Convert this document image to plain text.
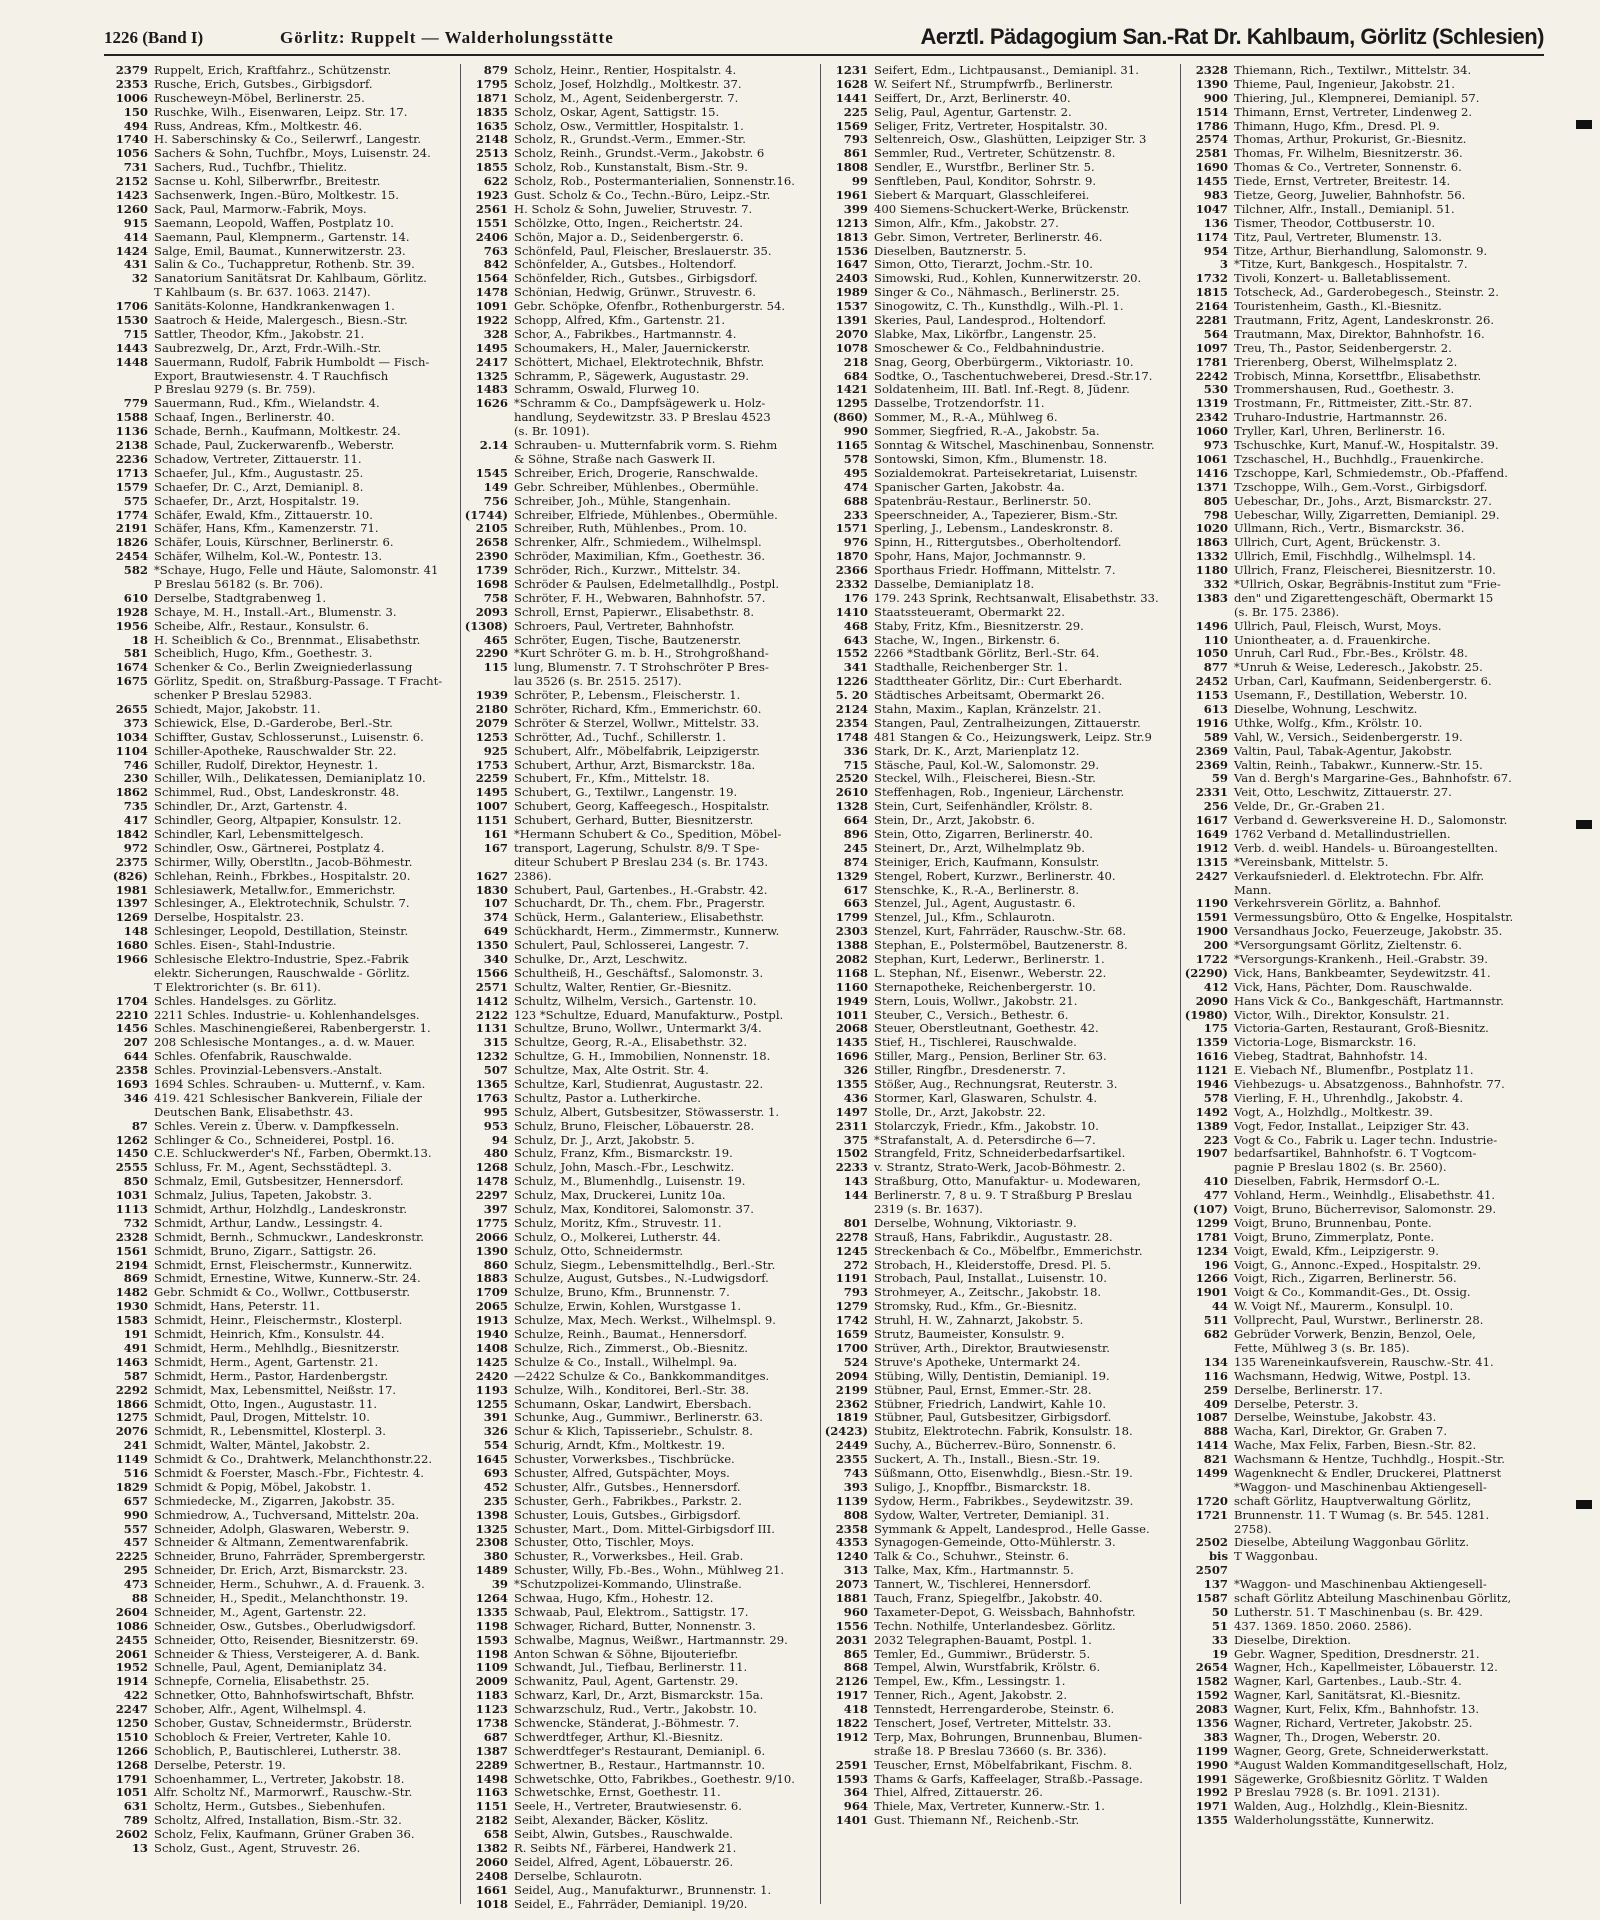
1226 (Band I)	Görlitz: Ruppelt — Walderholungsstätte	Aerztl. Pädagogium San.-Rat Dr. Kahlbaum, Görlitz (Schlesien)
2379 Ruppelt, Erich, Kraftfahrz., Schützenstr.
2353 Rusche, Erich, Gutsbes., Girbigsdorf.
1006 Ruscheweyn-Möbel, Berlinerstr. 25.
150 Ruschke, Wilh., Eisenwaren, Leipz. Str. 17.
494 Russ, Andreas, Kfm., Moltkestr. 46.
1740 H. Saberschinsky & Co., Seilerwrf., Langestr.
1056 Sachers & Sohn, Tuchfbr., Moys, Luisenstr. 24.
731 Sachers, Rud., Tuchfbr., Thielitz.
2152 Sacnse u. Kohl, Silberwrfbr., Breitestr.
1423 Sachsenwerk, Ingen.-Büro, Moltkestr. 15.
1260 Sack, Paul, Marmorw.-Fabrik, Moys.
915 Saemann, Leopold, Waffen, Postplatz 10.
414 Saemann, Paul, Klempnerm., Gartenstr. 14.
1424 Salge, Emil, Baumat., Kunnerwitzerstr. 23.
431 Salin & Co., Tuchappretur, Rothenb. Str. 39.
32 Sanatorium Sanitätsrat Dr. Kahlbaum, Görlitz.
T Kahlbaum (s. Br. 637. 1063. 2147).
1706 Sanitäts-Kolonne, Handkrankenwagen 1.
1530 Saatroch & Heide, Malergesch., Biesn.-Str.
715 Sattler, Theodor, Kfm., Jakobstr. 21.
1443 Saubrezwelg, Dr., Arzt, Frdr.-Wilh.-Str.
1448 Sauermann, Rudolf, Fabrik Humboldt — Fisch-
Export, Brautwiesenstr. 4. T Rauchfisch
P Breslau 9279 (s. Br. 759).
779 Sauermann, Rud., Kfm., Wielandstr. 4.
1588 Schaaf, Ingen., Berlinerstr. 40.
1136 Schade, Bernh., Kaufmann, Moltkestr. 24.
2138 Schade, Paul, Zuckerwarenfb., Weberstr.
2236 Schadow, Vertreter, Zittauerstr. 11.
1713 Schaefer, Jul., Kfm., Augustastr. 25.
1579 Schaefer, Dr. C., Arzt, Demianipl. 8.
575 Schaefer, Dr., Arzt, Hospitalstr. 19.
1774 Schäfer, Ewald, Kfm., Zittauerstr. 10.
2191 Schäfer, Hans, Kfm., Kamenzerstr. 71.
1826 Schäfer, Louis, Kürschner, Berlinerstr. 6.
2454 Schäfer, Wilhelm, Kol.-W., Pontestr. 13.
582 *Schaye, Hugo, Felle und Häute, Salomonstr. 41
P Breslau 56182 (s. Br. 706).
610 Derselbe, Stadtgrabenweg 1.
1928 Schaye, M. H., Install.-Art., Blumenstr. 3.
1956 Scheibe, Alfr., Restaur., Konsulstr. 6.
18 H. Scheiblich & Co., Brennmat., Elisabethstr.
581 Scheiblich, Hugo, Kfm., Goethestr. 3.
1674 Schenker & Co., Berlin Zweigniederlassung
1675 Görlitz, Spedit. on, Straßburg-Passage. T Fracht-
schenker P Breslau 52983.
2655 Schiedt, Major, Jakobstr. 11.
373 Schiewick, Else, D.-Garderobe, Berl.-Str.
1034 Schiffter, Gustav, Schlosserunst., Luisenstr. 6.
1104 Schiller-Apotheke, Rauschwalder Str. 22.
746 Schiller, Rudolf, Direktor, Heynestr. 1.
230 Schiller, Wilh., Delikatessen, Demianiplatz 10.
1862 Schimmel, Rud., Obst, Landeskronstr. 48.
735 Schindler, Dr., Arzt, Gartenstr. 4.
417 Schindler, Georg, Altpapier, Konsulstr. 12.
1842 Schindler, Karl, Lebensmittelgesch.
972 Schindler, Osw., Gärtnerei, Postplatz 4.
2375 Schirmer, Willy, Oberstltn., Jacob-Böhmestr.
(826) Schlehan, Reinh., Fbrkbes., Hospitalstr. 20.
1981 Schlesiawerk, Metallw.for., Emmerichstr.
1397 Schlesinger, A., Elektrotechnik, Schulstr. 7.
1269 Derselbe, Hospitalstr. 23.
148 Schlesinger, Leopold, Destillation, Steinstr.
1680 Schles. Eisen-, Stahl-Industrie.
1966 Schlesische Elektro-Industrie, Spez.-Fabrik
elektr. Sicherungen, Rauschwalde - Görlitz.
T Elektrorichter (s. Br. 611).
1704 Schles. Handelsges. zu Görlitz.
2210 2211 Schles. Industrie- u. Kohlenhandelsges.
1456 Schles. Maschinengießerei, Rabenbergerstr. 1.
207 208 Schlesische Montanges., a. d. w. Mauer.
644 Schles. Ofenfabrik, Rauschwalde.
2358 Schles. Provinzial-Lebensvers.-Anstalt.
1693 1694 Schles. Schrauben- u. Mutternf., v. Kam.
346 419. 421 Schlesischer Bankverein, Filiale der
Deutschen Bank, Elisabethstr. 43.
87 Schles. Verein z. Überw. v. Dampfkesseln.
1262 Schlinger & Co., Schneiderei, Postpl. 16.
1450 C.E. Schluckwerder's Nf., Farben, Obermkt.13.
2555 Schluss, Fr. M., Agent, Sechsstädtepl. 3.
850 Schmalz, Emil, Gutsbesitzer, Hennersdorf.
1031 Schmalz, Julius, Tapeten, Jakobstr. 3.
1113 Schmidt, Arthur, Holzhdlg., Landeskronstr.
732 Schmidt, Arthur, Landw., Lessingstr. 4.
2328 Schmidt, Bernh., Schmuckwr., Landeskronstr.
1561 Schmidt, Bruno, Zigarr., Sattigstr. 26.
2194 Schmidt, Ernst, Fleischermstr., Kunnerwitz.
869 Schmidt, Ernestine, Witwe, Kunnerw.-Str. 24.
1482 Gebr. Schmidt & Co., Wollwr., Cottbuserstr.
1930 Schmidt, Hans, Peterstr. 11.
1583 Schmidt, Heinr., Fleischermstr., Klosterpl.
191 Schmidt, Heinrich, Kfm., Konsulstr. 44.
491 Schmidt, Herm., Mehlhdlg., Biesnitzerstr.
1463 Schmidt, Herm., Agent, Gartenstr. 21.
587 Schmidt, Herm., Pastor, Hardenbergstr.
2292 Schmidt, Max, Lebensmittel, Neißstr. 17.
1866 Schmidt, Otto, Ingen., Augustastr. 11.
1275 Schmidt, Paul, Drogen, Mittelstr. 10.
2076 Schmidt, R., Lebensmittel, Klosterpl. 3.
241 Schmidt, Walter, Mäntel, Jakobstr. 2.
1149 Schmidt & Co., Drahtwerk, Melanchthonstr.22.
516 Schmidt & Foerster, Masch.-Fbr., Fichtestr. 4.
1829 Schmidt & Popig, Möbel, Jakobstr. 1.
657 Schmiedecke, M., Zigarren, Jakobstr. 35.
990 Schmiedrow, A., Tuchversand, Mittelstr. 20a.
557 Schneider, Adolph, Glaswaren, Weberstr. 9.
457 Schneider & Altmann, Zementwarenfabrik.
2225 Schneider, Bruno, Fahrräder, Sprembergerstr.
295 Schneider, Dr. Erich, Arzt, Bismarckstr. 23.
473 Schneider, Herm., Schuhwr., A. d. Frauenk. 3.
88 Schneider, H., Spedit., Melanchthonstr. 19.
2604 Schneider, M., Agent, Gartenstr. 22.
1086 Schneider, Osw., Gutsbes., Oberludwigsdorf.
2455 Schneider, Otto, Reisender, Biesnitzerstr. 69.
2061 Schneider & Thiess, Versteigerer, A. d. Bank.
1952 Schnelle, Paul, Agent, Demianiplatz 34.
1914 Schnepfe, Cornelia, Elisabethstr. 25.
422 Schnetker, Otto, Bahnhofswirtschaft, Bhfstr.
2247 Schober, Alfr., Agent, Wilhelmspl. 4.
1250 Schober, Gustav, Schneidermstr., Brüderstr.
1510 Schobloch & Freier, Vertreter, Kahle 10.
1266 Schoblich, P., Bautischlerei, Lutherstr. 38.
1268 Derselbe, Peterstr. 19.
1791 Schoenhammer, L., Vertreter, Jakobstr. 18.
1051 Alfr. Scholtz Nf., Marmorwrf., Rauschw.-Str.
631 Scholtz, Herm., Gutsbes., Siebenhufen.
789 Scholtz, Alfred, Installation, Bism.-Str. 32.
2602 Scholz, Felix, Kaufmann, Grüner Graben 36.
13 Scholz, Gust., Agent, Struvestr. 26.
879 Scholz, Heinr., Rentier, Hospitalstr. 4.
1795 Scholz, Josef, Holzhdlg., Moltkestr. 37.
1871 Scholz, M., Agent, Seidenbergerstr. 7.
1835 Scholz, Oskar, Agent, Sattigstr. 15.
1635 Scholz, Osw., Vermittler, Hospitalstr. 1.
2148 Scholz, R., Grundst.-Verm., Emmer.-Str.
2513 Scholz, Reinh., Grundst.-Verm., Jakobstr. 6
1855 Scholz, Rob., Kunstanstalt, Bism.-Str. 9.
622 Scholz, Rob., Postermanterialien, Sonnenstr.16.
1923 Gust. Scholz & Co., Techn.-Büro, Leipz.-Str.
2561 H. Scholz & Sohn, Juwelier, Struvestr. 7.
1551 Schölzke, Otto, Ingen., Reichertstr. 24.
2406 Schön, Major a. D., Seidenbergerstr. 6.
763 Schönfeld, Paul, Fleischer, Breslauerstr. 35.
842 Schönfelder, A., Gutsbes., Holtendorf.
1564 Schönfelder, Rich., Gutsbes., Girbigsdorf.
1478 Schönian, Hedwig, Grünwr., Struvestr. 6.
1091 Gebr. Schöpke, Ofenfbr., Rothenburgerstr. 54.
1922 Schopp, Alfred, Kfm., Gartenstr. 21.
328 Schor, A., Fabrikbes., Hartmannstr. 4.
1495 Schoumakers, H., Maler, Jauernickerstr.
2417 Schöttert, Michael, Elektrotechnik, Bhfstr.
1325 Schramm, P., Sägewerk, Augustastr. 29.
1483 Schramm, Oswald, Flurweg 10.
1626 *Schramm & Co., Dampfsägewerk u. Holz-
handlung, Seydewitzstr. 33. P Breslau 4523
(s. Br. 1091).
2.14 Schrauben- u. Mutternfabrik vorm. S. Riehm
& Söhne, Straße nach Gaswerk II.
1545 Schreiber, Erich, Drogerie, Ranschwalde.
149 Gebr. Schreiber, Mühlenbes., Obermühle.
756 Schreiber, Joh., Mühle, Stangenhain.
(1744) Schreiber, Elfriede, Mühlenbes., Obermühle.
2105 Schreiber, Ruth, Mühlenbes., Prom. 10.
2658 Schrenker, Alfr., Schmiedem., Wilhelmspl.
2390 Schröder, Maximilian, Kfm., Goethestr. 36.
1739 Schröder, Rich., Kurzwr., Mittelstr. 34.
1698 Schröder & Paulsen, Edelmetallhdlg., Postpl.
758 Schröter, F. H., Webwaren, Bahnhofstr. 57.
2093 Schroll, Ernst, Papierwr., Elisabethstr. 8.
(1308) Schroers, Paul, Vertreter, Bahnhofstr.
465 Schröter, Eugen, Tische, Bautzenerstr.
2290 *Kurt Schröter G. m. b. H., Strohgroßhand-
115 lung, Blumenstr. 7. T Strohschröter P Bres-
lau 3526 (s. Br. 2515. 2517).
1939 Schröter, P., Lebensm., Fleischerstr. 1.
2180 Schröter, Richard, Kfm., Emmerichstr. 60.
2079 Schröter & Sterzel, Wollwr., Mittelstr. 33.
1253 Schrötter, Ad., Tuchf., Schillerstr. 1.
925 Schubert, Alfr., Möbelfabrik, Leipzigerstr.
1753 Schubert, Arthur, Arzt, Bismarckstr. 18a.
2259 Schubert, Fr., Kfm., Mittelstr. 18.
1495 Schubert, G., Textilwr., Langenstr. 19.
1007 Schubert, Georg, Kaffeegesch., Hospitalstr.
1151 Schubert, Gerhard, Butter, Biesnitzerstr.
161 *Hermann Schubert & Co., Spedition, Möbel-
167 transport, Lagerung, Schulstr. 8/9. T Spe-
diteur Schubert P Breslau 234 (s. Br. 1743.
1627 2386).
1830 Schubert, Paul, Gartenbes., H.-Grabstr. 42.
107 Schuchardt, Dr. Th., chem. Fbr., Pragerstr.
374 Schück, Herm., Galanteriew., Elisabethstr.
649 Schückhardt, Herm., Zimmermstr., Kunnerw.
1350 Schulert, Paul, Schlosserei, Langestr. 7.
340 Schulke, Dr., Arzt, Leschwitz.
1566 Schultheiß, H., Geschäftsf., Salomonstr. 3.
2571 Schultz, Walter, Rentier, Gr.-Biesnitz.
1412 Schultz, Wilhelm, Versich., Gartenstr. 10.
2122 123 *Schultze, Eduard, Manufakturw., Postpl.
1131 Schultze, Bruno, Wollwr., Untermarkt 3/4.
315 Schultze, Georg, R.-A., Elisabethstr. 32.
1232 Schultze, G. H., Immobilien, Nonnenstr. 18.
507 Schultze, Max, Alte Ostrit. Str. 4.
1365 Schultze, Karl, Studienrat, Augustastr. 22.
1763 Schultz, Pastor a. Lutherkirche.
995 Schulz, Albert, Gutsbesitzer, Stöwasserstr. 1.
953 Schulz, Bruno, Fleischer, Löbauerstr. 28.
94 Schulz, Dr. J., Arzt, Jakobstr. 5.
480 Schulz, Franz, Kfm., Bismarckstr. 19.
1268 Schulz, John, Masch.-Fbr., Leschwitz.
1478 Schulz, M., Blumenhdlg., Luisenstr. 19.
2297 Schulz, Max, Druckerei, Lunitz 10a.
397 Schulz, Max, Konditorei, Salomonstr. 37.
1775 Schulz, Moritz, Kfm., Struvestr. 11.
2066 Schulz, O., Molkerei, Lutherstr. 44.
1390 Schulz, Otto, Schneidermstr.
860 Schulz, Siegm., Lebensmittelhdlg., Berl.-Str.
1883 Schulze, August, Gutsbes., N.-Ludwigsdorf.
1709 Schulze, Bruno, Kfm., Brunnenstr. 7.
2065 Schulze, Erwin, Kohlen, Wurstgasse 1.
1913 Schulze, Max, Mech. Werkst., Wilhelmspl. 9.
1940 Schulze, Reinh., Baumat., Hennersdorf.
1408 Schulze, Rich., Zimmerst., Ob.-Biesnitz.
1425 Schulze & Co., Install., Wilhelmpl. 9a.
2420 —2422 Schulze & Co., Bankkommanditges.
1193 Schulze, Wilh., Konditorei, Berl.-Str. 38.
1255 Schumann, Oskar, Landwirt, Ebersbach.
391 Schunke, Aug., Gummiwr., Berlinerstr. 63.
326 Schur & Klich, Tapisseriebr., Schulstr. 8.
554 Schurig, Arndt, Kfm., Moltkestr. 19.
1645 Schuster, Vorwerksbes., Tischbrücke.
693 Schuster, Alfred, Gutspächter, Moys.
452 Schuster, Alfr., Gutsbes., Hennersdorf.
235 Schuster, Gerh., Fabrikbes., Parkstr. 2.
1398 Schuster, Louis, Gutsbes., Girbigsdorf.
1325 Schuster, Mart., Dom. Mittel-Girbigsdorf III.
2308 Schuster, Otto, Tischler, Moys.
380 Schuster, R., Vorwerksbes., Heil. Grab.
1489 Schuster, Willy, Fb.-Bes., Wohn., Mühlweg 21.
39 *Schutzpolizei-Kommando, Ulinstraße.
1264 Schwaa, Hugo, Kfm., Hohestr. 12.
1335 Schwaab, Paul, Elektrom., Sattigstr. 17.
1198 Schwager, Richard, Butter, Nonnenstr. 3.
1593 Schwalbe, Magnus, Weißwr., Hartmannstr. 29.
1198 Anton Schwan & Söhne, Bijouteriefbr.
1109 Schwandt, Jul., Tiefbau, Berlinerstr. 11.
2009 Schwanitz, Paul, Agent, Gartenstr. 29.
1183 Schwarz, Karl, Dr., Arzt, Bismarckstr. 15a.
1123 Schwarzschulz, Rud., Vertr., Jakobstr. 10.
1738 Schwencke, Ständerat, J.-Böhmestr. 7.
687 Schwerdtfeger, Arthur, Kl.-Biesnitz.
1387 Schwerdtfeger's Restaurant, Demianipl. 6.
2289 Schwertner, B., Restaur., Hartmannstr. 10.
1498 Schwetschke, Otto, Fabrikbes., Goethestr. 9/10.
1163 Schwetschke, Ernst, Goethestr. 11.
1151 Seele, H., Vertreter, Brautwiesenstr. 6.
2182 Seibt, Alexander, Bäcker, Köslitz.
658 Seibt, Alwin, Gutsbes., Rauschwalde.
1382 R. Seibts Nf., Färberei, Handwerk 21.
2060 Seidel, Alfred, Agent, Löbauerstr. 26.
2408 Derselbe, Schlaurotn.
1661 Seidel, Aug., Manufakturwr., Brunnenstr. 1.
1018 Seidel, E., Fahrräder, Demianipl. 19/20.
1231 Seifert, Edm., Lichtpausanst., Demianipl. 31.
1628 W. Seifert Nf., Strumpfwrfb., Berlinerstr.
1441 Seiffert, Dr., Arzt, Berlinerstr. 40.
225 Selig, Paul, Agentur, Gartenstr. 2.
1569 Seliger, Fritz, Vertreter, Hospitalstr. 30.
793 Seltenreich, Osw., Glashütten, Leipziger Str. 3
861 Semmler, Rud., Vertreter, Schützenstr. 8.
1808 Sendler, E., Wurstfbr., Berliner Str. 5.
99 Senftleben, Paul, Konditor, Sohrstr. 9.
1961 Siebert & Marquart, Glasschleiferei.
399 400 Siemens-Schuckert-Werke, Brückenstr.
1213 Simon, Alfr., Kfm., Jakobstr. 27.
1813 Gebr. Simon, Vertreter, Berlinerstr. 46.
1536 Dieselben, Bautznerstr. 5.
1647 Simon, Otto, Tierarzt, Jochm.-Str. 10.
2403 Simowski, Rud., Kohlen, Kunnerwitzerstr. 20.
1989 Singer & Co., Nähmasch., Berlinerstr. 25.
1537 Sinogowitz, C. Th., Kunsthdlg., Wilh.-Pl. 1.
1391 Skeries, Paul, Landesprod., Holtendorf.
2070 Slabke, Max, Likörfbr., Langenstr. 25.
1078 Smoschewer & Co., Feldbahnindustrie.
218 Snag, Georg, Oberbürgerm., Viktoriastr. 10.
684 Sodtke, O., Taschentuchweberei, Dresd.-Str.17.
1421 Soldatenheim, III. Batl. Inf.-Regt. 8, Jüdenr.
1295 Dasselbe, Trotzendorfstr. 11.
(860) Sommer, M., R.-A., Mühlweg 6.
990 Sommer, Siegfried, R.-A., Jakobstr. 5a.
1165 Sonntag & Witschel, Maschinenbau, Sonnenstr.
578 Sontowski, Simon, Kfm., Blumenstr. 18.
495 Sozialdemokrat. Parteisekretariat, Luisenstr.
474 Spanischer Garten, Jakobstr. 4a.
688 Spatenbräu-Restaur., Berlinerstr. 50.
233 Speerschneider, A., Tapezierer, Bism.-Str.
1571 Sperling, J., Lebensm., Landeskronstr. 8.
976 Spinn, H., Rittergutsbes., Oberholtendorf.
1870 Spohr, Hans, Major, Jochmannstr. 9.
2366 Sporthaus Friedr. Hoffmann, Mittelstr. 7.
2332 Dasselbe, Demianiplatz 18.
176 179. 243 Sprink, Rechtsanwalt, Elisabethstr. 33.
1410 Staatssteueramt, Obermarkt 22.
468 Staby, Fritz, Kfm., Biesnitzerstr. 29.
643 Stache, W., Ingen., Birkenstr. 6.
1552 2266 *Stadtbank Görlitz, Berl.-Str. 64.
341 Stadthalle, Reichenberger Str. 1.
1226 Stadttheater Görlitz, Dir.: Curt Eberhardt.
5. 20 Städtisches Arbeitsamt, Obermarkt 26.
2124 Stahn, Maxim., Kaplan, Kränzelstr. 21.
2354 Stangen, Paul, Zentralheizungen, Zittauerstr.
1748 481 Stangen & Co., Heizungswerk, Leipz. Str.9
336 Stark, Dr. K., Arzt, Marienplatz 12.
715 Stäsche, Paul, Kol.-W., Salomonstr. 29.
2520 Steckel, Wilh., Fleischerei, Biesn.-Str.
2610 Steffenhagen, Rob., Ingenieur, Lärchenstr.
1328 Stein, Curt, Seifenhändler, Krölstr. 8.
664 Stein, Dr., Arzt, Jakobstr. 6.
896 Stein, Otto, Zigarren, Berlinerstr. 40.
245 Steinert, Dr., Arzt, Wilhelmplatz 9b.
874 Steiniger, Erich, Kaufmann, Konsulstr.
1329 Stengel, Robert, Kurzwr., Berlinerstr. 40.
617 Stenschke, K., R.-A., Berlinerstr. 8.
663 Stenzel, Jul., Agent, Augustastr. 6.
1799 Stenzel, Jul., Kfm., Schlaurotn.
2303 Stenzel, Kurt, Fahrräder, Rauschw.-Str. 68.
1388 Stephan, E., Polstermöbel, Bautzenerstr. 8.
2082 Stephan, Kurt, Lederwr., Berlinerstr. 1.
1168 L. Stephan, Nf., Eisenwr., Weberstr. 22.
1160 Sternapotheke, Reichenbergerstr. 10.
1949 Stern, Louis, Wollwr., Jakobstr. 21.
1011 Steuber, C., Versich., Bethestr. 6.
2068 Steuer, Oberstleutnant, Goethestr. 42.
1435 Stief, H., Tischlerei, Rauschwalde.
1696 Stiller, Marg., Pension, Berliner Str. 63.
326 Stiller, Ringfbr., Dresdenerstr. 7.
1355 Stößer, Aug., Rechnungsrat, Reuterstr. 3.
436 Stormer, Karl, Glaswaren, Schulstr. 4.
1497 Stolle, Dr., Arzt, Jakobstr. 22.
2311 Stolarczyk, Friedr., Kfm., Jakobstr. 10.
375 *Strafanstalt, A. d. Petersdirche 6—7.
1502 Strangfeld, Fritz, Schneiderbedarfsartikel.
2233 v. Strantz, Strato-Werk, Jacob-Böhmestr. 2.
143 Straßburg, Otto, Manufaktur- u. Modewaren,
144 Berlinerstr. 7, 8 u. 9. T Straßburg P Breslau
2319 (s. Br. 1637).
801 Derselbe, Wohnung, Viktoriastr. 9.
2278 Strauß, Hans, Fabrikdir., Augustastr. 28.
1245 Streckenbach & Co., Möbelfbr., Emmerichstr.
272 Strobach, H., Kleiderstoffe, Dresd. Pl. 5.
1191 Strobach, Paul, Installat., Luisenstr. 10.
793 Strohmeyer, A., Zeitschr., Jakobstr. 18.
1279 Stromsky, Rud., Kfm., Gr.-Biesnitz.
1742 Struhl, H. W., Zahnarzt, Jakobstr. 5.
1659 Strutz, Baumeister, Konsulstr. 9.
1700 Strüver, Arth., Direktor, Brautwiesenstr.
524 Struve's Apotheke, Untermarkt 24.
2094 Stübing, Willy, Dentistin, Demianipl. 19.
2199 Stübner, Paul, Ernst, Emmer.-Str. 28.
2362 Stübner, Friedrich, Landwirt, Kahle 10.
1819 Stübner, Paul, Gutsbesitzer, Girbigsdorf.
(2423) Stubitz, Elektrotechn. Fabrik, Konsulstr. 18.
2449 Suchy, A., Bücherrev.-Büro, Sonnenstr. 6.
2355 Suckert, A. Th., Install., Biesn.-Str. 19.
743 Süßmann, Otto, Eisenwhdlg., Biesn.-Str. 19.
393 Suligo, J., Knopffbr., Bismarckstr. 18.
1139 Sydow, Herm., Fabrikbes., Seydewitzstr. 39.
808 Sydow, Walter, Vertreter, Demianipl. 31.
2358 Symmank & Appelt, Landesprod., Helle Gasse.
4353 Synagogen-Gemeinde, Otto-Mühlerstr. 3.
1240 Talk & Co., Schuhwr., Steinstr. 6.
313 Talke, Max, Kfm., Hartmannstr. 5.
2073 Tannert, W., Tischlerei, Hennersdorf.
1881 Tauch, Franz, Spiegelfbr., Jakobstr. 40.
960 Taxameter-Depot, G. Weissbach, Bahnhofstr.
1556 Techn. Nothilfe, Unterlandesbez. Görlitz.
2031 2032 Telegraphen-Bauamt, Postpl. 1.
865 Temler, Ed., Gummiwr., Brüderstr. 5.
868 Tempel, Alwin, Wurstfabrik, Krölstr. 6.
2126 Tempel, Ew., Kfm., Lessingstr. 1.
1917 Tenner, Rich., Agent, Jakobstr. 2.
418 Tennstedt, Herrengarderobe, Steinstr. 6.
1822 Tenschert, Josef, Vertreter, Mittelstr. 33.
1912 Terp, Max, Bohrungen, Brunnenbau, Blumen-
straße 18. P Breslau 73660 (s. Br. 336).
2591 Teuscher, Ernst, Möbelfabrikant, Fischm. 8.
1593 Thams & Garfs, Kaffeelager, Straßb.-Passage.
364 Thiel, Alfred, Zittauerstr. 26.
964 Thiele, Max, Vertreter, Kunnerw.-Str. 1.
1401 Gust. Thiemann Nf., Reichenb.-Str.
2328 Thiemann, Rich., Textilwr., Mittelstr. 34.
1390 Thieme, Paul, Ingenieur, Jakobstr. 21.
900 Thiering, Jul., Klempnerei, Demianipl. 57.
1514 Thimann, Ernst, Vertreter, Lindenweg 2.
1786 Thimann, Hugo, Kfm., Dresd. Pl. 9.
2574 Thomas, Arthur, Prokurist, Gr.-Biesnitz.
2581 Thomas, Fr. Wilhelm, Biesnitzerstr. 36.
1690 Thomas & Co., Vertreter, Sonnenstr. 6.
1455 Tiede, Ernst, Vertreter, Breitestr. 14.
983 Tietze, Georg, Juwelier, Bahnhofstr. 56.
1047 Tilchner, Alfr., Install., Demianipl. 51.
136 Tismer, Theodor, Cottbuserstr. 10.
1174 Titz, Paul, Vertreter, Blumenstr. 13.
954 Titze, Arthur, Bierhandlung, Salomonstr. 9.
3 *Titze, Kurt, Bankgesch., Hospitalstr. 7.
1732 Tivoli, Konzert- u. Balletablissement.
1815 Totscheck, Ad., Garderobegesch., Steinstr. 2.
2164 Touristenheim, Gasth., Kl.-Biesnitz.
2281 Trautmann, Fritz, Agent, Landeskronstr. 26.
564 Trautmann, Max, Direktor, Bahnhofstr. 16.
1097 Treu, Th., Pastor, Seidenbergerstr. 2.
1781 Trierenberg, Oberst, Wilhelmsplatz 2.
2242 Trobisch, Minna, Korsettfbr., Elisabethstr.
530 Trommershausen, Rud., Goethestr. 3.
1319 Trostmann, Fr., Rittmeister, Zitt.-Str. 87.
2342 Truharo-Industrie, Hartmannstr. 26.
1060 Tryller, Karl, Uhren, Berlinerstr. 16.
973 Tschuschke, Kurt, Manuf.-W., Hospitalstr. 39.
1061 Tzschaschel, H., Buchhdlg., Frauenkirche.
1416 Tzschoppe, Karl, Schmiedemstr., Ob.-Pfaffend.
1371 Tzschoppe, Wilh., Gem.-Vorst., Girbigsdorf.
805 Uebeschar, Dr., Johs., Arzt, Bismarckstr. 27.
798 Uebeschar, Willy, Zigarretten, Demianipl. 29.
1020 Ullmann, Rich., Vertr., Bismarckstr. 36.
1863 Ullrich, Curt, Agent, Brückenstr. 3.
1332 Ullrich, Emil, Fischhdlg., Wilhelmspl. 14.
1180 Ullrich, Franz, Fleischerei, Biesnitzerstr. 10.
332 *Ullrich, Oskar, Begräbnis-Institut zum "Frie-
1383 den" und Zigarettengeschäft, Obermarkt 15
(s. Br. 175. 2386).
1496 Ullrich, Paul, Fleisch, Wurst, Moys.
110 Uniontheater, a. d. Frauenkirche.
1050 Unruh, Carl Rud., Fbr.-Bes., Krölstr. 48.
877 *Unruh & Weise, Lederesch., Jakobstr. 25.
2452 Urban, Carl, Kaufmann, Seidenbergerstr. 6.
1153 Usemann, F., Destillation, Weberstr. 10.
613 Dieselbe, Wohnung, Leschwitz.
1916 Uthke, Wolfg., Kfm., Krölstr. 10.
589 Vahl, W., Versich., Seidenbergerstr. 19.
2369 Valtin, Paul, Tabak-Agentur, Jakobstr.
2369 Valtin, Reinh., Tabakwr., Kunnerw.-Str. 15.
59 Van d. Bergh's Margarine-Ges., Bahnhofstr. 67.
2331 Veit, Otto, Leschwitz, Zittauerstr. 27.
256 Velde, Dr., Gr.-Graben 21.
1617 Verband d. Gewerksvereine H. D., Salomonstr.
1649 1762 Verband d. Metallindustriellen.
1912 Verb. d. weibl. Handels- u. Büroangestellten.
1315 *Vereinsbank, Mittelstr. 5.
2427 Verkaufsniederl. d. Elektrotechn. Fbr. Alfr.
Mann.
1190 Verkehrsverein Görlitz, a. Bahnhof.
1591 Vermessungsbüro, Otto & Engelke, Hospitalstr.
1900 Versandhaus Jocko, Feuerzeuge, Jakobstr. 35.
200 *Versorgungsamt Görlitz, Zieltenstr. 6.
1722 *Versorgungs-Krankenh., Heil.-Grabstr. 39.
(2290) Vick, Hans, Bankbeamter, Seydewitzstr. 41.
412 Vick, Hans, Pächter, Dom. Rauschwalde.
2090 Hans Vick & Co., Bankgeschäft, Hartmannstr.
(1980) Victor, Wilh., Direktor, Konsulstr. 21.
175 Victoria-Garten, Restaurant, Groß-Biesnitz.
1359 Victoria-Loge, Bismarckstr. 16.
1616 Viebeg, Stadtrat, Bahnhofstr. 14.
1121 E. Viebach Nf., Blumenfbr., Postplatz 11.
1946 Viehbezugs- u. Absatzgenoss., Bahnhofstr. 77.
578 Vierling, F. H., Uhrenhdlg., Jakobstr. 4.
1492 Vogt, A., Holzhdlg., Moltkestr. 39.
1389 Vogt, Fedor, Installat., Leipziger Str. 43.
223 Vogt & Co., Fabrik u. Lager techn. Industrie-
1907 bedarfsartikel, Bahnhofstr. 6. T Vogtcom-
pagnie P Breslau 1802 (s. Br. 2560).
410 Dieselben, Fabrik, Hermsdorf O.-L.
477 Vohland, Herm., Weinhdlg., Elisabethstr. 41.
(107) Voigt, Bruno, Bücherrevisor, Salomonstr. 29.
1299 Voigt, Bruno, Brunnenbau, Ponte.
1781 Voigt, Bruno, Zimmerplatz, Ponte.
1234 Voigt, Ewald, Kfm., Leipzigerstr. 9.
196 Voigt, G., Annonc.-Exped., Hospitalstr. 29.
1266 Voigt, Rich., Zigarren, Berlinerstr. 56.
1901 Voigt & Co., Kommandit-Ges., Dt. Ossig.
44 W. Voigt Nf., Maurerm., Konsulpl. 10.
511 Vollprecht, Paul, Wurstwr., Berlinerstr. 28.
682 Gebrüder Vorwerk, Benzin, Benzol, Oele,
Fette, Mühlweg 3 (s. Br. 185).
134 135 Wareneinkaufsverein, Rauschw.-Str. 41.
116 Wachsmann, Hedwig, Witwe, Postpl. 13.
259 Derselbe, Berlinerstr. 17.
409 Derselbe, Peterstr. 3.
1087 Derselbe, Weinstube, Jakobstr. 43.
888 Wacha, Karl, Direktor, Gr. Graben 7.
1414 Wache, Max Felix, Farben, Biesn.-Str. 82.
821 Wachsmann & Hentze, Tuchhdlg., Hospit.-Str.
1499 Wagenknecht & Endler, Druckerei, Plattnerst
*Waggon- und Maschinenbau Aktiengesell-
1720 schaft Görlitz, Hauptverwaltung Görlitz,
1721 Brunnenstr. 11. T Wumag (s. Br. 545. 1281.
2758).
2502 Dieselbe, Abteilung Waggonbau Görlitz.
bis T Waggonbau.
2507
137 *Waggon- und Maschinenbau Aktiengesell-
1587 schaft Görlitz Abteilung Maschinenbau Görlitz,
50 Lutherstr. 51. T Maschinenbau (s. Br. 429.
51 437. 1369. 1850. 2060. 2586).
33 Dieselbe, Direktion.
19 Gebr. Wagner, Spedition, Dresdnerstr. 21.
2654 Wagner, Hch., Kapellmeister, Löbauerstr. 12.
1582 Wagner, Karl, Gartenbes., Laub.-Str. 4.
1592 Wagner, Karl, Sanitätsrat, Kl.-Biesnitz.
2083 Wagner, Kurt, Felix, Kfm., Bahnhofstr. 13.
1356 Wagner, Richard, Vertreter, Jakobstr. 25.
383 Wagner, Th., Drogen, Weberstr. 20.
1199 Wagner, Georg, Grete, Schneiderwerkstatt.
1990 *August Walden Kommanditgesellschaft, Holz,
1991 Sägewerke, Großbiesnitz Görlitz. T Walden
1992 P Breslau 7928 (s. Br. 1091. 2131).
1971 Walden, Aug., Holzhdlg., Klein-Biesnitz.
1355 Walderholungsstätte, Kunnerwitz.
